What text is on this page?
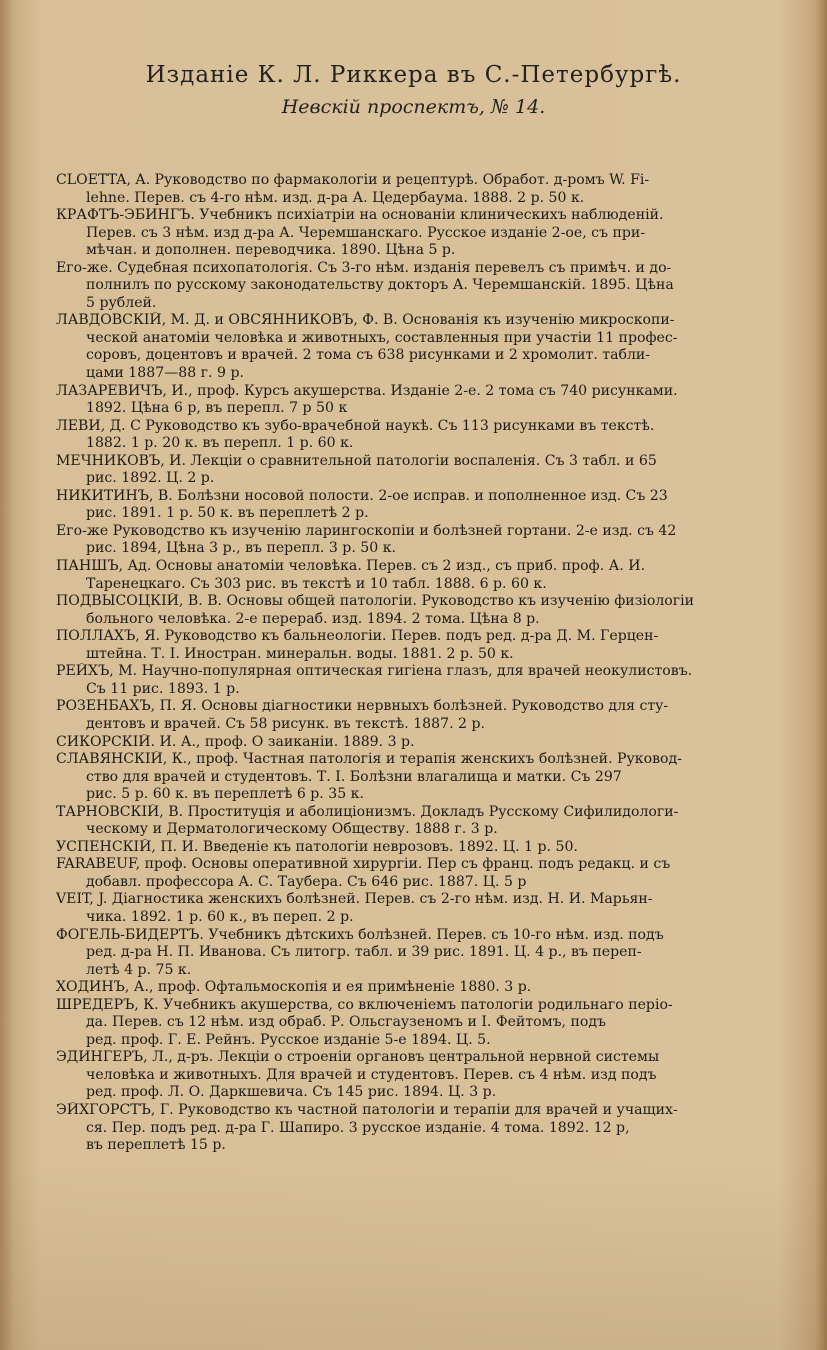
Изданіе К. Л. Риккера въ С.-Петербургѣ.
Невскій проспектъ, № 14.
CLOETTA, A. Руководство по фармакологіи и рецептурѣ. Обработ. д-ромъ W. Fi-
lehne. Перев. съ 4-го нѣм. изд. д-ра А. Цедербаума. 1888. 2 р. 50 к.
КРАФТЪ-ЭБИНГЪ. Учебникъ психіатріи на основаніи клиническихъ наблюденій.
Перев. съ 3 нѣм. изд д-ра А. Черемшанскаго. Русское изданіе 2-ое, съ при-
мѣчан. и дополнен. переводчика. 1890. Цѣна 5 р.
Его-же. Судебная психопатологія. Съ 3-го нѣм. изданія перевелъ съ примѣч. и до-
полнилъ по русскому законодательству докторъ А. Черемшанскій. 1895. Цѣна
5 рублей.
ЛАВДОВСКІЙ, М. Д. и ОВСЯННИКОВЪ, Ф. В. Основанія къ изученію микроскопи-
ческой анатоміи человѣка и животныхъ, составленныя при участіи 11 профес-
соровъ, доцентовъ и врачей. 2 тома съ 638 рисунками и 2 хромолит. табли-
цами 1887—88 г. 9 р.
ЛАЗАРЕВИЧЪ, И., проф. Курсъ акушерства. Изданіе 2-е. 2 тома съ 740 рисунками.
1892. Цѣна 6 р, въ перепл. 7 р 50 к
ЛЕВИ, Д. С Руководство къ зубо-врачебной наукѣ. Съ 113 рисунками въ текстѣ.
1882. 1 р. 20 к. въ перепл. 1 р. 60 к.
МЕЧНИКОВЪ, И. Лекціи о сравнительной патологіи воспаленія. Съ 3 табл. и 65
рис. 1892. Ц. 2 р.
НИКИТИНЪ, В. Болѣзни носовой полости. 2-ое исправ. и пополненное изд. Съ 23
рис. 1891. 1 р. 50 к. въ переплетѣ 2 р.
Его-же Руководство къ изученію ларингоскопіи и болѣзней гортани. 2-е изд. съ 42
рис. 1894, Цѣна 3 р., въ перепл. 3 р. 50 к.
ПАНШЪ, Ад. Основы анатоміи человѣка. Перев. съ 2 изд., съ приб. проф. А. И.
Таренецкаго. Съ 303 рис. въ текстѣ и 10 табл. 1888. 6 р. 60 к.
ПОДВЫСОЦКІЙ, В. В. Основы общей патологіи. Руководство къ изученію физіологіи
больного человѣка. 2-е перераб. изд. 1894. 2 тома. Цѣна 8 р.
ПОЛЛАХЪ, Я. Руководство къ бальнеологіи. Перев. подъ ред. д-ра Д. М. Герцен-
штейна. Т. I. Иностран. минеральн. воды. 1881. 2 р. 50 к.
РЕЙХЪ, М. Научно-популярная оптическая гигіена глазъ, для врачей неокулистовъ.
Съ 11 рис. 1893. 1 р.
РОЗЕНБАХЪ, П. Я. Основы діагностики нервныхъ болѣзней. Руководство для сту-
дентовъ и врачей. Съ 58 рисунк. въ текстѣ. 1887. 2 р.
СИКОРСКІЙ. И. А., проф. О заиканіи. 1889. 3 р.
СЛАВЯНСКІЙ, К., проф. Частная патологія и терапія женскихъ болѣзней. Руковод-
ство для врачей и студентовъ. Т. I. Болѣзни влагалища и матки. Съ 297
рис. 5 р. 60 к. въ переплетѣ 6 р. 35 к.
ТАРНОВСКІЙ, В. Проституція и аболиціонизмъ. Докладъ Русскому Сифилидологи-
ческому и Дерматологическому Обществу. 1888 г. 3 р.
УСПЕНСКІЙ, П. И. Введеніе къ патологіи неврозовъ. 1892. Ц. 1 р. 50.
FARABEUF, проф. Основы оперативной хирургіи. Пер съ франц. подъ редакц. и съ
добавл. профессора А. С. Таубера. Съ 646 рис. 1887. Ц. 5 р
VEIT, J. Діагностика женскихъ болѣзней. Перев. съ 2-го нѣм. изд. Н. И. Марьян-
чика. 1892. 1 р. 60 к., въ переп. 2 р.
ФОГЕЛЬ-БИДЕРТЪ. Учебникъ дѣтскихъ болѣзней. Перев. съ 10-го нѣм. изд. подъ
ред. д-ра Н. П. Иванова. Съ литогр. табл. и 39 рис. 1891. Ц. 4 р., въ переп-
летѣ 4 р. 75 к.
ХОДИНЪ, А., проф. Офтальмоскопія и ея примѣненіе 1880. 3 р.
ШРЕДЕРЪ, К. Учебникъ акушерства, со включеніемъ патологіи родильнаго періо-
да. Перев. съ 12 нѣм. изд обраб. Р. Ольсгаузеномъ и І. Фейтомъ, подъ
ред. проф. Г. Е. Рейнъ. Русское изданіе 5-е 1894. Ц. 5.
ЭДИНГЕРЪ, Л., д-ръ. Лекціи о строеніи органовъ центральной нервной системы
человѣка и животныхъ. Для врачей и студентовъ. Перев. съ 4 нѣм. изд подъ
ред. проф. Л. О. Даркшевича. Съ 145 рис. 1894. Ц. 3 р.
ЭЙХГОРСТЪ, Г. Руководство къ частной патологіи и терапіи для врачей и учащих-
ся. Пер. подъ ред. д-ра Г. Шапиро. 3 русское изданіе. 4 тома. 1892. 12 р,
въ переплетѣ 15 р.
